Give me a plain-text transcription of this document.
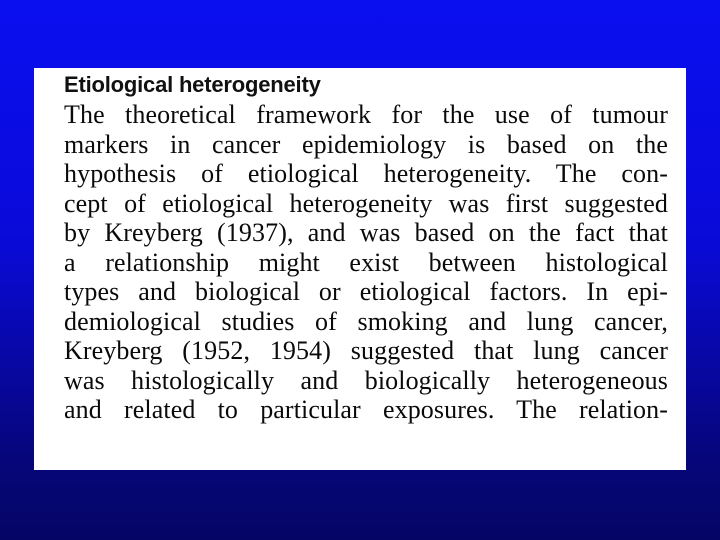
Etiological heterogeneity
The theoretical framework for the use of tumour
markers in cancer epidemiology is based on the
hypothesis of etiological heterogeneity. The con-
cept of etiological heterogeneity was first suggested
by Kreyberg (1937), and was based on the fact that
a relationship might exist between histological
types and biological or etiological factors. In epi-
demiological studies of smoking and lung cancer,
Kreyberg (1952, 1954) suggested that lung cancer
was histologically and biologically heterogeneous
and related to particular exposures. The relation-
